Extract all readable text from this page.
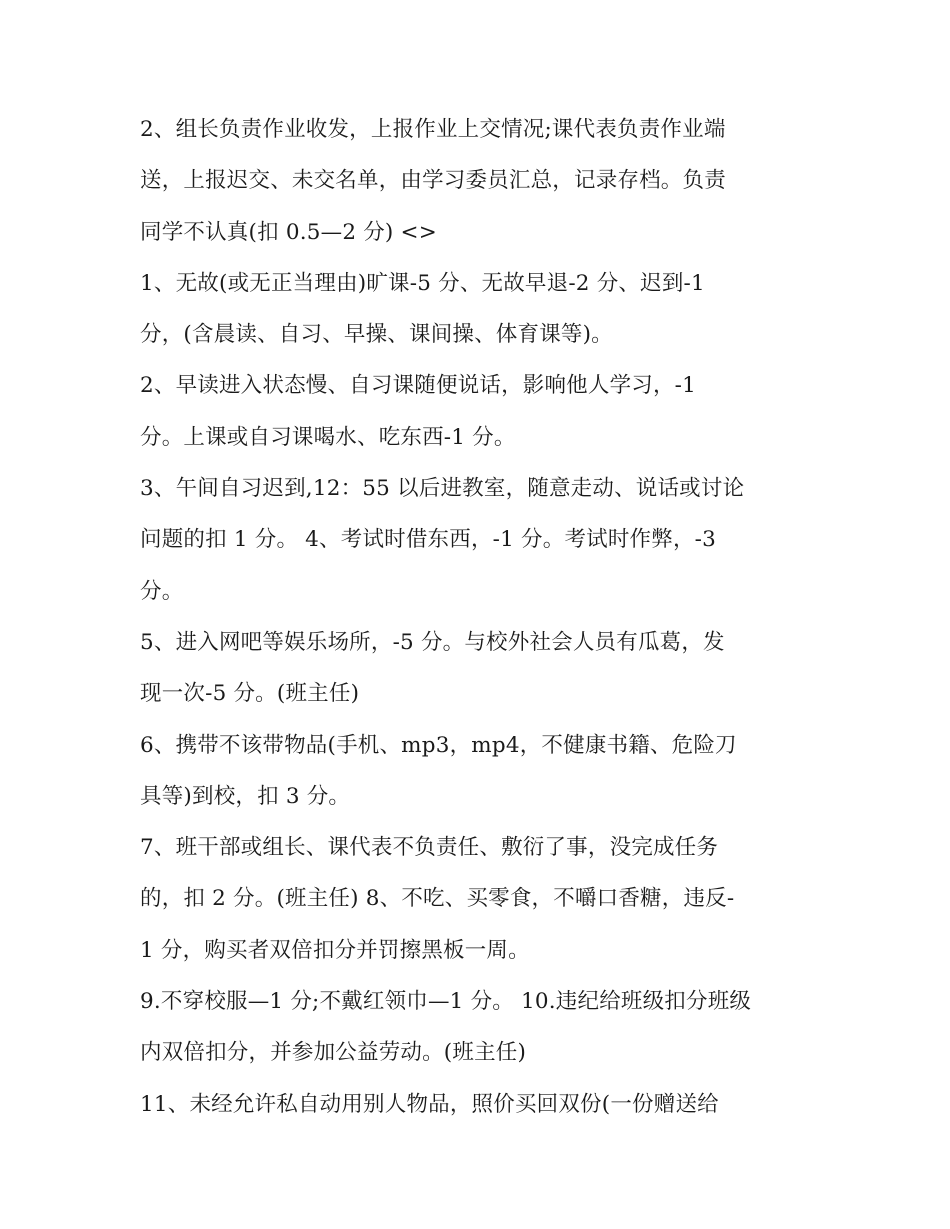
2、组长负责作业收发，上报作业上交情况;课代表负责作业端
送，上报迟交、未交名单，由学习委员汇总，记录存档。负责
同学不认真(扣 0.5—2 分) <>
1、无故(或无正当理由)旷课-5 分、无故早退-2 分、迟到-1
分，(含晨读、自习、早操、课间操、体育课等)。
2、早读进入状态慢、自习课随便说话，影响他人学习，-1
分。上课或自习课喝水、吃东西-1 分。
3、午间自习迟到,12：55 以后进教室，随意走动、说话或讨论
问题的扣 1 分。 4、考试时借东西，-1 分。考试时作弊，-3
分。
5、进入网吧等娱乐场所，-5 分。与校外社会人员有瓜葛，发
现一次-5 分。(班主任)
6、携带不该带物品(手机、mp3，mp4，不健康书籍、危险刀
具等)到校，扣 3 分。
7、班干部或组长、课代表不负责任、敷衍了事，没完成任务
的，扣 2 分。(班主任) 8、不吃、买零食，不嚼口香糖，违反-
1 分，购买者双倍扣分并罚擦黑板一周。
9.不穿校服—1 分;不戴红领巾—1 分。 10.违纪给班级扣分班级
内双倍扣分，并参加公益劳动。(班主任)
11、未经允许私自动用别人物品，照价买回双份(一份赠送给
